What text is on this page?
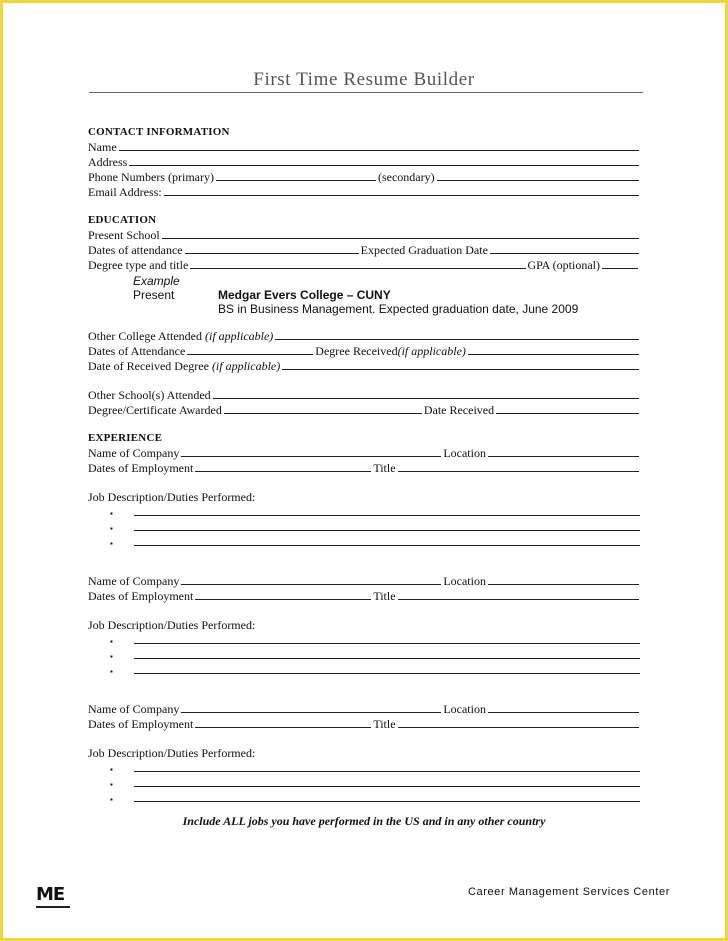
First Time Resume Builder
CONTACT INFORMATION
Name
Address
Phone Numbers (primary)	(secondary)
Email Address:
EDUCATION
Present School
Dates of attendance	Expected Graduation Date
Degree type and title	GPA (optional)
Example
Present	Medgar Evers College – CUNY
BS in Business Management. Expected graduation date, June 2009
Other College Attended
(if applicable)
Dates of Attendance	Degree Received (if applicable)
Date of Received Degree
(if applicable)
Other School(s) Attended
Degree/Certificate Awarded	Date Received
EXPERIENCE
Name of Company	Location
Dates of Employment	Title
Job Description/Duties Performed:
▪
▪
▪
Name of Company	Location
Dates of Employment	Title
Job Description/Duties Performed:
▪
▪
▪
Name of Company	Location
Dates of Employment	Title
Job Description/Duties Performed:
▪
▪
▪
Include ALL jobs you have performed in the US and in any other country
ME	Career Management Services Center
